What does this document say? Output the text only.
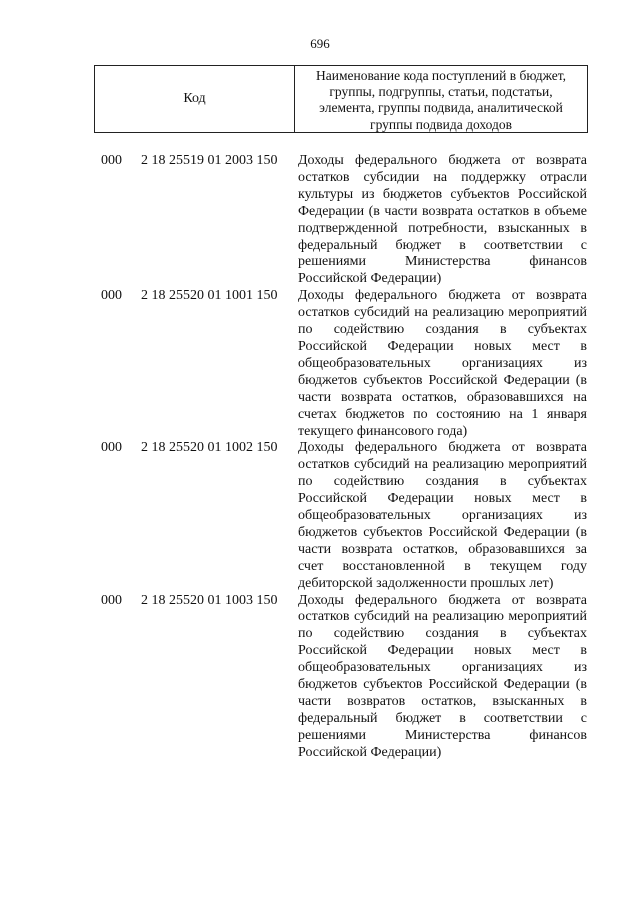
696
Код
Наименование кода поступлений в бюджет, группы, подгруппы, статьи, подстатьи, элемента, группы подвида, аналитической группы подвида доходов
000 2 18 25519 01 2003 150 Доходы федерального бюджета от возврата остатков субсидии на поддержку отрасли культуры из бюджетов субъектов Российской Федерации (в части возврата остатков в объеме подтвержденной потребности, взысканных в федеральный бюджет в соответствии с решениями Министерства финансов Российской Федерации)
000 2 18 25520 01 1001 150 Доходы федерального бюджета от возврата остатков субсидий на реализацию мероприятий по содействию создания в субъектах Российской Федерации новых мест в общеобразовательных организациях из бюджетов субъектов Российской Федерации (в части возврата остатков, образовавшихся на счетах бюджетов по состоянию на 1 января текущего финансового года)
000 2 18 25520 01 1002 150 Доходы федерального бюджета от возврата остатков субсидий на реализацию мероприятий по содействию создания в субъектах Российской Федерации новых мест в общеобразовательных организациях из бюджетов субъектов Российской Федерации (в части возврата остатков, образовавшихся за счет восстановленной в текущем году дебиторской задолженности прошлых лет)
000 2 18 25520 01 1003 150 Доходы федерального бюджета от возврата остатков субсидий на реализацию мероприятий по содействию создания в субъектах Российской Федерации новых мест в общеобразовательных организациях из бюджетов субъектов Российской Федерации (в части возвратов остатков, взысканных в федеральный бюджет в соответствии с решениями Министерства финансов Российской Федерации)
